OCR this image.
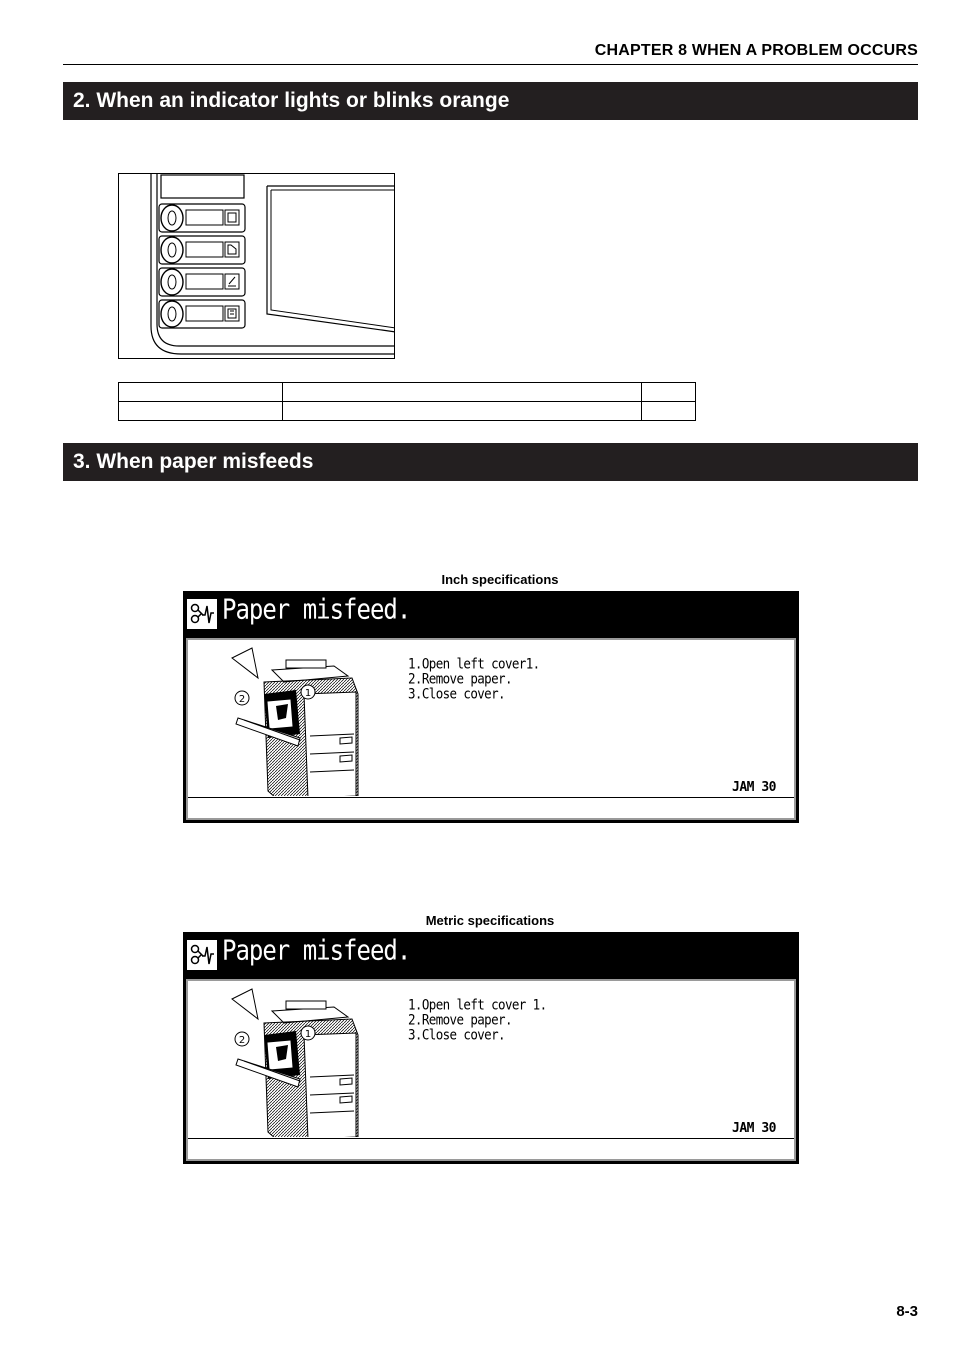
CHAPTER 8 WHEN A PROBLEM OCCURS
2. When an indicator lights or blinks orange

3. When paper misfeeds
Inch specifications
Paper misfeed.
2
1
1.Open left cover1.
2.Remove paper.
3.Close cover.
JAM 30
Metric specifications
Paper misfeed.
2
1
1.Open left cover 1.
2.Remove paper.
3.Close cover.
JAM 30
8-3
